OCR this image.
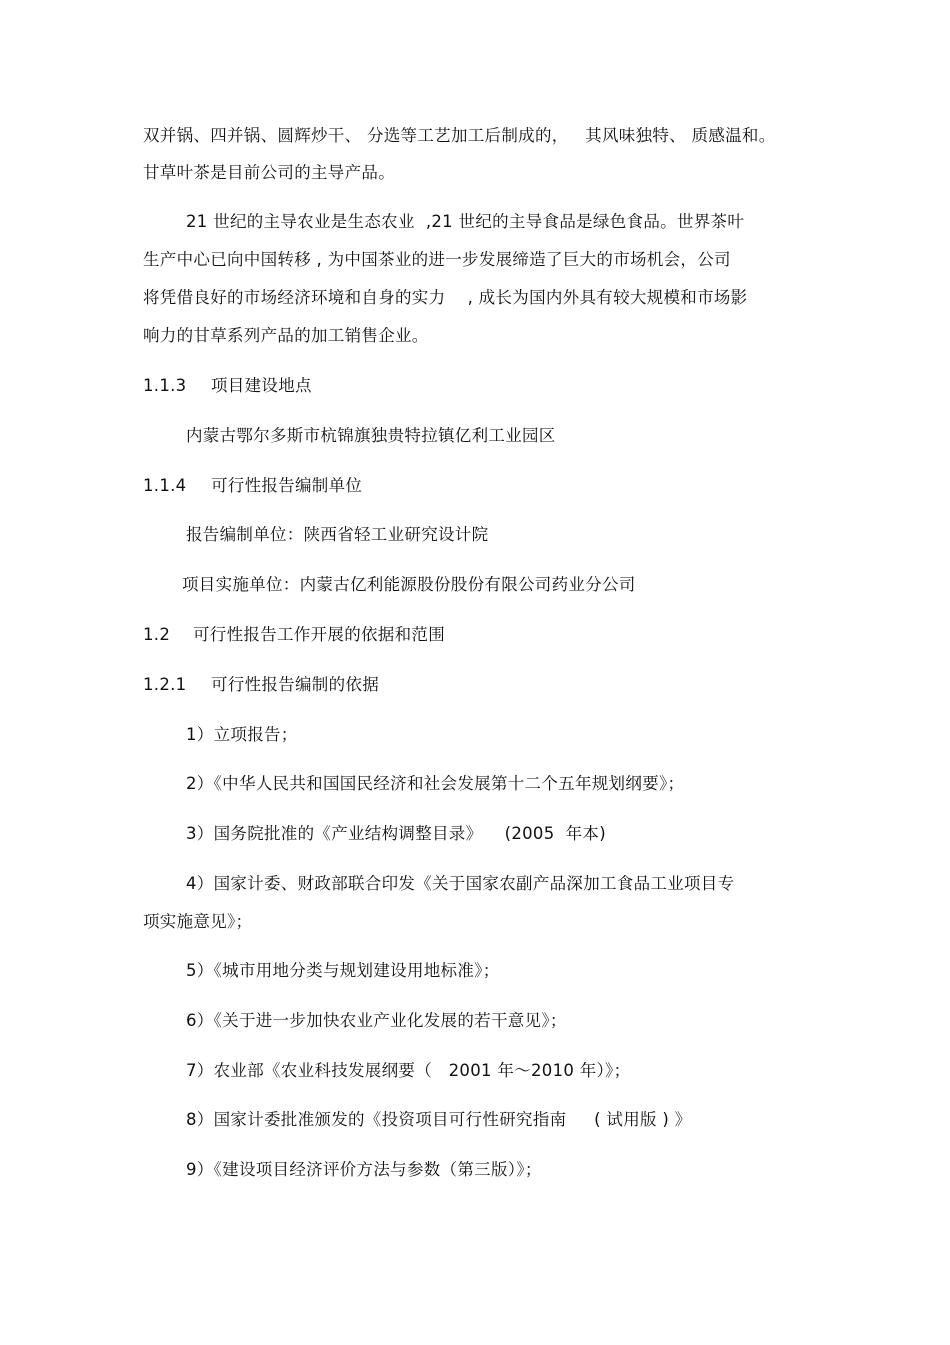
双并锅、四并锅、圆辉炒干、 分选等工艺加工后制成的，   其风味独特、 质感温和。
甘草叶茶是目前公司的主导产品。
21 世纪的主导农业是生态农业  ,21 世纪的主导食品是绿色食品。世界茶叶
生产中心已向中国转移 , 为中国茶业的进一步发展缔造了巨大的市场机会，公司
将凭借良好的市场经济环境和自身的实力    , 成长为国内外具有较大规模和市场影
响力的甘草系列产品的加工销售企业。
1.1.3 项目建设地点
内蒙古鄂尔多斯市杭锦旗独贵特拉镇亿利工业园区
1.1.4 可行性报告编制单位
报告编制单位：陕西省轻工业研究设计院
项目实施单位：内蒙古亿利能源股份股份有限公司药业分公司
1.2 可行性报告工作开展的依据和范围
1.2.1 可行性报告编制的依据
1）立项报告；
2）《中华人民共和国国民经济和社会发展第十二个五年规划纲要》；
3）国务院批准的《产业结构调整目录》    (2005  年本)
4）国家计委、财政部联合印发《关于国家农副产品深加工食品工业项目专
项实施意见》；
5）《城市用地分类与规划建设用地标准》；
6）《关于进一步加快农业产业化发展的若干意见》；
7）农业部《农业科技发展纲要（   2001 年～2010 年）》；
8）国家计委批准颁发的《投资项目可行性研究指南     ( 试用版 ) 》
9）《建设项目经济评价方法与参数（第三版）》；
